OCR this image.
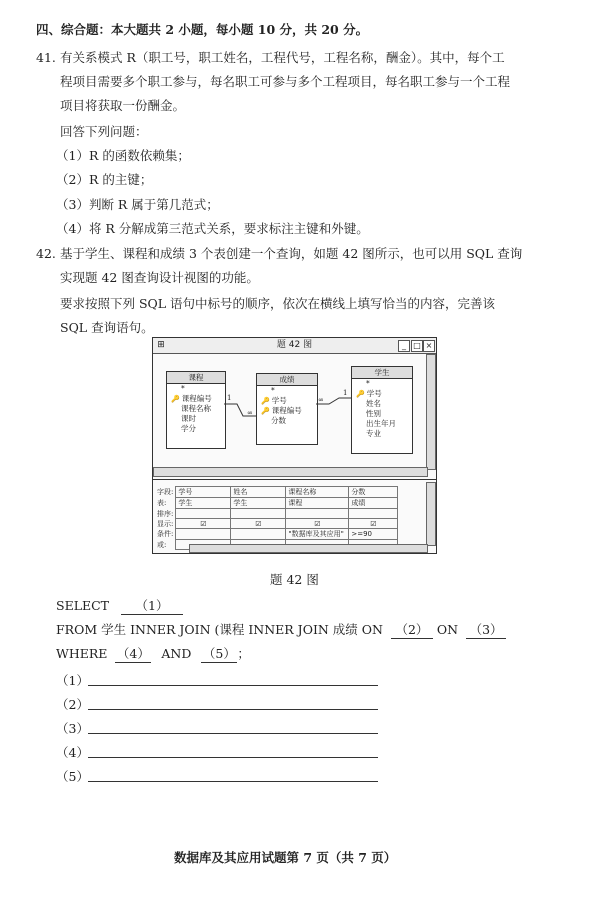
四、综合题：本大题共 2 小题，每小题 10 分，共 20 分。
41. 有关系模式 R（职工号，职工姓名，工程代号，工程名称，酬金）。其中，每个工
程项目需要多个职工参与，每名职工可参与多个工程项目，每名职工参与一个工程
项目将获取一份酬金。
回答下列问题：
（1）R 的函数依赖集；
（2）R 的主键；
（3）判断 R 属于第几范式；
（4）将 R 分解成第三范式关系，要求标注主键和外键。
42. 基于学生、课程和成绩 3 个表创建一个查询，如题 42 图所示，也可以用 SQL 查询
实现题 42 图查询设计视图的功能。
要求按照下列 SQL 语句中标号的顺序，依次在横线上填写恰当的内容，完善该
SQL 查询语句。
题 42 图
⊞	_ □ ×
课程
*
🔑 课程编号
课程名称
课时
学分
成绩
*
🔑 学号
🔑 课程编号
分数
学生
*
🔑 学号
姓名
性别
出生年月
专业
1
∞
∞
1
字段:	学号	姓名	课程名称	分数
表:	学生	学生	课程	成绩
排序:				
显示:	☑	☑	☑	☑
条件:			"数据库及其应用"	>=90
或:				
题 42 图
SELECT （1）
FROM 学生 INNER JOIN (课程 INNER JOIN 成绩 ON （2） ON （3）
WHERE （4） AND （5） ；
（1）
（2）
（3）
（4）
（5）
数据库及其应用试题第 7 页（共 7 页）
